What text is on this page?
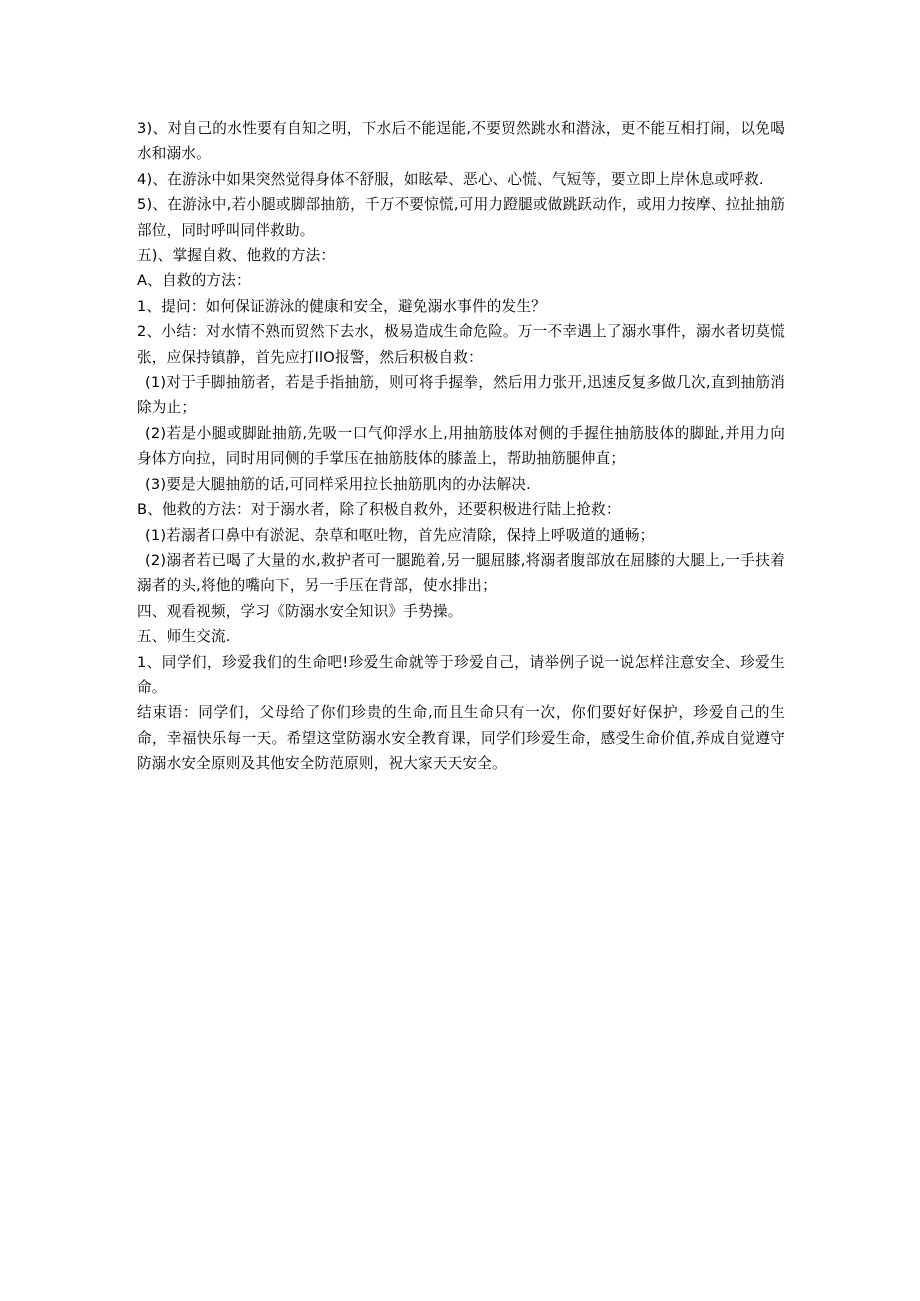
3)、对自己的水性要有自知之明，下水后不能逞能,不要贸然跳水和潜泳，更不能互相打闹，以免喝水和溺水。

4)、在游泳中如果突然觉得身体不舒服，如眩晕、恶心、心慌、气短等，要立即上岸休息或呼救.

5)、在游泳中,若小腿或脚部抽筋，千万不要惊慌,可用力蹬腿或做跳跃动作，或用力按摩、拉扯抽筋部位，同时呼叫同伴救助。

五)、掌握自救、他救的方法：

A、自救的方法：

1、提问：如何保证游泳的健康和安全，避免溺水事件的发生？

2、小结：对水情不熟而贸然下去水，极易造成生命危险。万一不幸遇上了溺水事件，溺水者切莫慌张，应保持镇静，首先应打IlO报警，然后积极自救：

(1)对于手脚抽筋者，若是手指抽筋，则可将手握拳，然后用力张开,迅速反复多做几次,直到抽筋消除为止；

(2)若是小腿或脚趾抽筋,先吸一口气仰浮水上,用抽筋肢体对侧的手握住抽筋肢体的脚趾,并用力向身体方向拉，同时用同侧的手掌压在抽筋肢体的膝盖上，帮助抽筋腿伸直；

(3)要是大腿抽筋的话,可同样采用拉长抽筋肌肉的办法解决.

B、他救的方法：对于溺水者，除了积极自救外，还要积极进行陆上抢救：

(1)若溺者口鼻中有淤泥、杂草和呕吐物，首先应清除，保持上呼吸道的通畅；

(2)溺者若已喝了大量的水,救护者可一腿跪着,另一腿屈膝,将溺者腹部放在屈膝的大腿上,一手扶着溺者的头,将他的嘴向下，另一手压在背部，使水排出；

四、观看视频，学习《防溺水安全知识》手势操。

五、师生交流.

1、同学们，珍爱我们的生命吧!珍爱生命就等于珍爱自己，请举例子说一说怎样注意安全、珍爱生命。

结束语：同学们，父母给了你们珍贵的生命,而且生命只有一次，你们要好好保护，珍爱自己的生命，幸福快乐每一天。希望这堂防溺水安全教育课，同学们珍爱生命，感受生命价值,养成自觉遵守防溺水安全原则及其他安全防范原则，祝大家天天安全。
